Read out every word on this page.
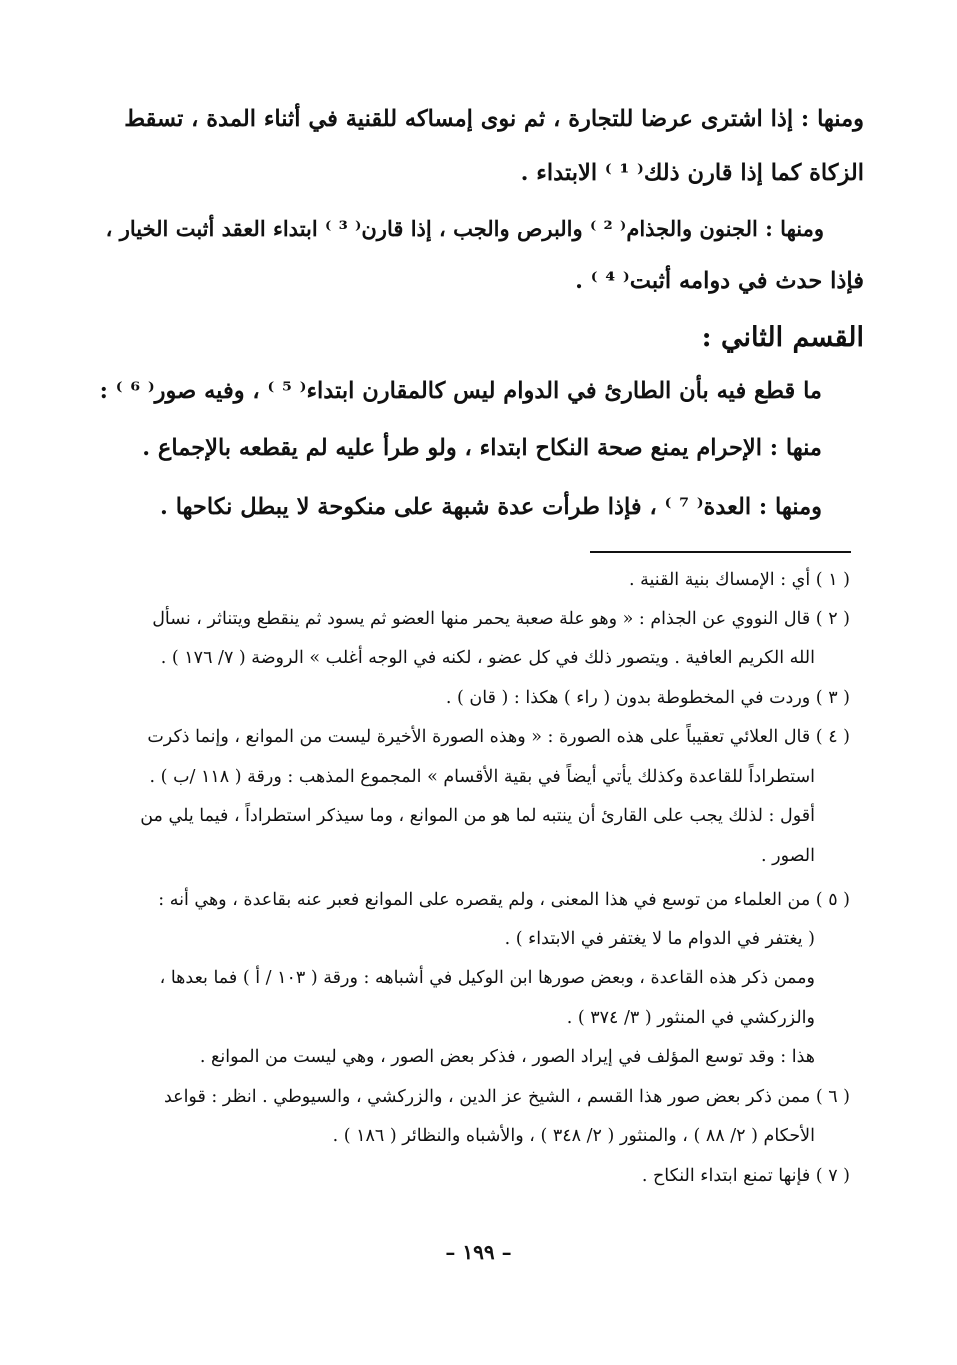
ومنها : إذا اشترى عرضا للتجارة ، ثم نوى إمساكه للقنية في أثناء المدة ، تسقط
الزكاة كما إذا قارن ذلك⁽ ¹ ⁾ الابتداء .
ومنها : الجنون والجذام⁽ ² ⁾ والبرص والجب ، إذا قارن⁽ ³ ⁾ ابتداء العقد أثبت الخيار ،
فإذا حدث في دوامه أثبت⁽ ⁴ ⁾ .
القسم الثاني :
ما قطع فيه بأن الطارئ في الدوام ليس كالمقارن ابتداء⁽ ⁵ ⁾ ، وفيه صور⁽ ⁶ ⁾ :
منها : الإحرام يمنع صحة النكاح ابتداء ، ولو طرأ عليه لم يقطعه بالإجماع .
ومنها : العدة⁽ ⁷ ⁾ ، فإذا طرأت عدة شبهة على منكوحة لا يبطل نكاحها .
( ١ ) أي : الإمساك بنية القنية .
( ٢ ) قال النووي عن الجذام : « وهو علة صعبة يحمر منها العضو ثم يسود ثم ينقطع ويتناثر ، نسأل
الله الكريم العافية . ويتصور ذلك في كل عضو ، لكنه في الوجه أغلب » الروضة ( ٧/ ١٧٦ ) .
( ٣ ) وردت في المخطوطة بدون ( راء ) هكذا : ( قان ) .
( ٤ ) قال العلائي تعقيباً على هذه الصورة : « وهذه الصورة الأخيرة ليست من الموانع ، وإنما ذكرت
استطراداً للقاعدة وكذلك يأتي أيضاً في بقية الأقسام » المجموع المذهب : ورقة ( ١١٨ /ب ) .
أقول : لذلك يجب على القارئ أن ينتبه لما هو من الموانع ، وما سيذكر استطراداً ، فيما يلي من
الصور .
( ٥ ) من العلماء من توسع في هذا المعنى ، ولم يقصره على الموانع فعبر عنه بقاعدة ، وهي أنه :
( يغتفر في الدوام ما لا يغتفر في الابتداء ) .
وممن ذكر هذه القاعدة ، وبعض صورها ابن الوكيل في أشباهه : ورقة ( ١٠٣ / أ ) فما بعدها ،
والزركشي في المنثور ( ٣/ ٣٧٤ ) .
هذا : وقد توسع المؤلف في إيراد الصور ، فذكر بعض الصور ، وهي ليست من الموانع .
( ٦ ) ممن ذكر بعض صور هذا القسم ، الشيخ عز الدين ، والزركشي ، والسيوطي . انظر : قواعد
الأحكام ( ٢/ ٨٨ ) ، والمنثور ( ٢/ ٣٤٨ ) ، والأشباه والنظائر ( ١٨٦ ) .
( ٧ ) فإنها تمنع ابتداء النكاح .
– ١٩٩ –
